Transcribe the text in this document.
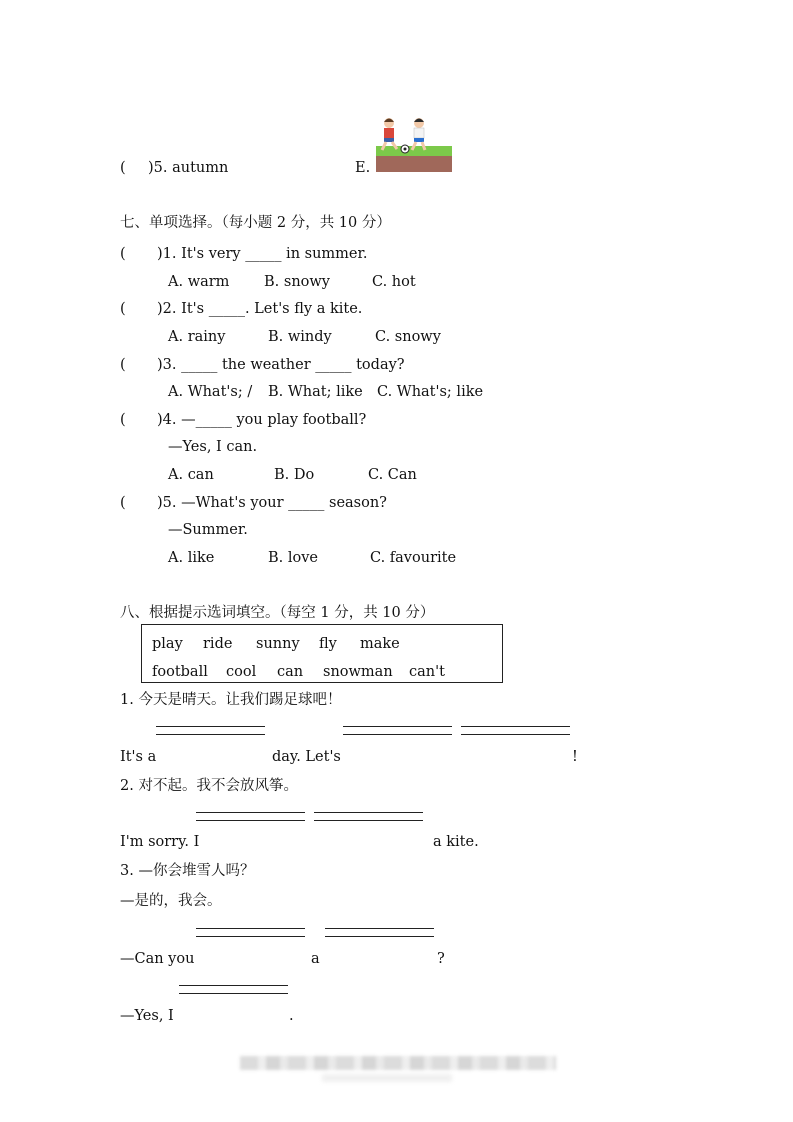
( )5. autumn	E.
七、单项选择。（每小题 2 分，共 10 分）
( )1. It's very _____ in summer.
A. warm B. snowy	C. hot
( )2. It's _____. Let's fly a kite.
A. rainy	B. windy	C. snowy
( )3. _____ the weather _____ today?
A. What's; / B. What; like C. What's; like
( )4. —_____ you play football?
—Yes, I can.
A. can	B. Do	C. Can
( )5. —What's your _____ season?
—Summer.
A. like	B. love	C. favourite
八、根据提示选词填空。（每空 1 分，共 10 分）
play ride sunny fly make
football cool can snowman can't
1. 今天是晴天。让我们踢足球吧！
It's a	day. Let's	!
2. 对不起。我不会放风筝。
I'm sorry. I	a kite.
3. —你会堆雪人吗？
—是的，我会。
—Can you	a	?
—Yes, I	.
